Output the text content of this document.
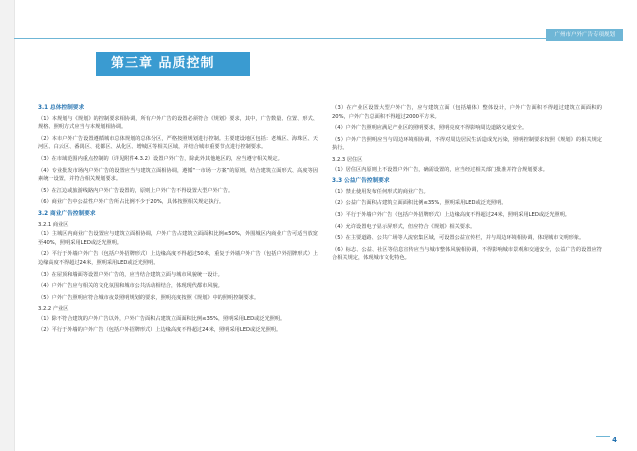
广州市户外广告专项规划
第三章 品质控制
3.1 总体控制要求
（1）本规划与《规划》的控制要求相协调，所有户外广告的设置必须符合《规划》要求，其中，广告数量、位置、形式、规格、照明方式应当与本规划相协调。
（2）本市户外广告设置遵循城市总体规划的总体分区，严格按照规划进行控制。主要建设地区包括：老城区、海珠区、天河区、白云区、番禺区、花都区、从化区、增城区等相关区域，并结合城市重要节点进行控制要求。
（3）在市域范围内重点控制的（详见附件4.3.2）设置户外广告，除此外其他地区的，应当遵守相关规定。
（4）专业批发市场内户外广告的设置应当与建筑立面相协调，遵循“一市场一方案”的原则，结合建筑立面形式、高度等因素统一设置，并符合相关规划要求。
（5）在江边或旅游线路内户外广告设置的，原则上户外广告不得设置大型户外广告。
（6）商业广告中公益性户外广告所占比例不少于20%，具体按照相关规定执行。
3.2 商业广告控制要求
3.2.1 商业区
（1）主城区内商业广告设置应与建筑立面相协调，户外广告占建筑立面面积比例≤50%，外围城区内商业广告可适当放宽至40%，照明采用LED或泛光照明。
（2）平行于外墙户外广告（包括户外招牌形式）上边缘高度不得超过50米，重复于外墙户外广告（包括户外招牌形式）上边缘高度不得超过24米，照明采用LED或泛光照明。
（3）在屋顶和墙面等设置户外广告的，应当结合建筑立面与城市风貌统一设计。
（4）户外广告应与相关的文化氛围和城市公共活动相结合，体现现代都市风貌。
（5）户外广告照明应符合城市夜景照明规划的要求，照明亮度按照《规划》中的照明控制要求。
3.2.2 产业区
（1）除不符合建筑的户外广告以外，户外广告面积占建筑立面面积比例≤35%，照明采用LED或泛光照明。
（2）平行于外墙的户外广告（包括户外招牌形式）上边缘高度不得超过24米，照明采用LED或泛光照明。
（3）在产业区设置大型户外广告，应与建筑立面（包括墙体）整体设计，户外广告面积不得超过建筑立面面积的20%，户外广告总面积不得超过2000平方米。
（4）户外广告照明应满足产业区的照明要求，照明亮度不得影响周边道路交通安全。
（5）户外广告照明应当与周边环境相协调，不得对周边居民生活造成光污染，照明控制要求按照《规划》的相关规定执行。
3.2.3 居住区
（1）居住区内原则上不设置户外广告，确需设置的，应当经过相关部门批准并符合规划要求。
3.3 公益广告控制要求
（1）禁止使用发布任何形式的商业广告。
（2）公益广告面积占建筑立面面积比例≤35%，照明采用LED或泛光照明。
（3）平行于外墙户外广告（包括户外招牌形式）上边缘高度不得超过24米，照明采用LED或泛光照明。
（4）允许设置电子显示屏形式，但应符合《规划》相关要求。
（5）在主要道路、公共广场等人流密集区域，可设置公益宣传栏，并与周边环境相协调，体现城市文明形象。
（6）标志、公益、社区等信息宣传应当与城市整体风貌相协调，不得影响城市景观和交通安全，公益广告的设置应符合相关规定，体现城市文化特色。
4
